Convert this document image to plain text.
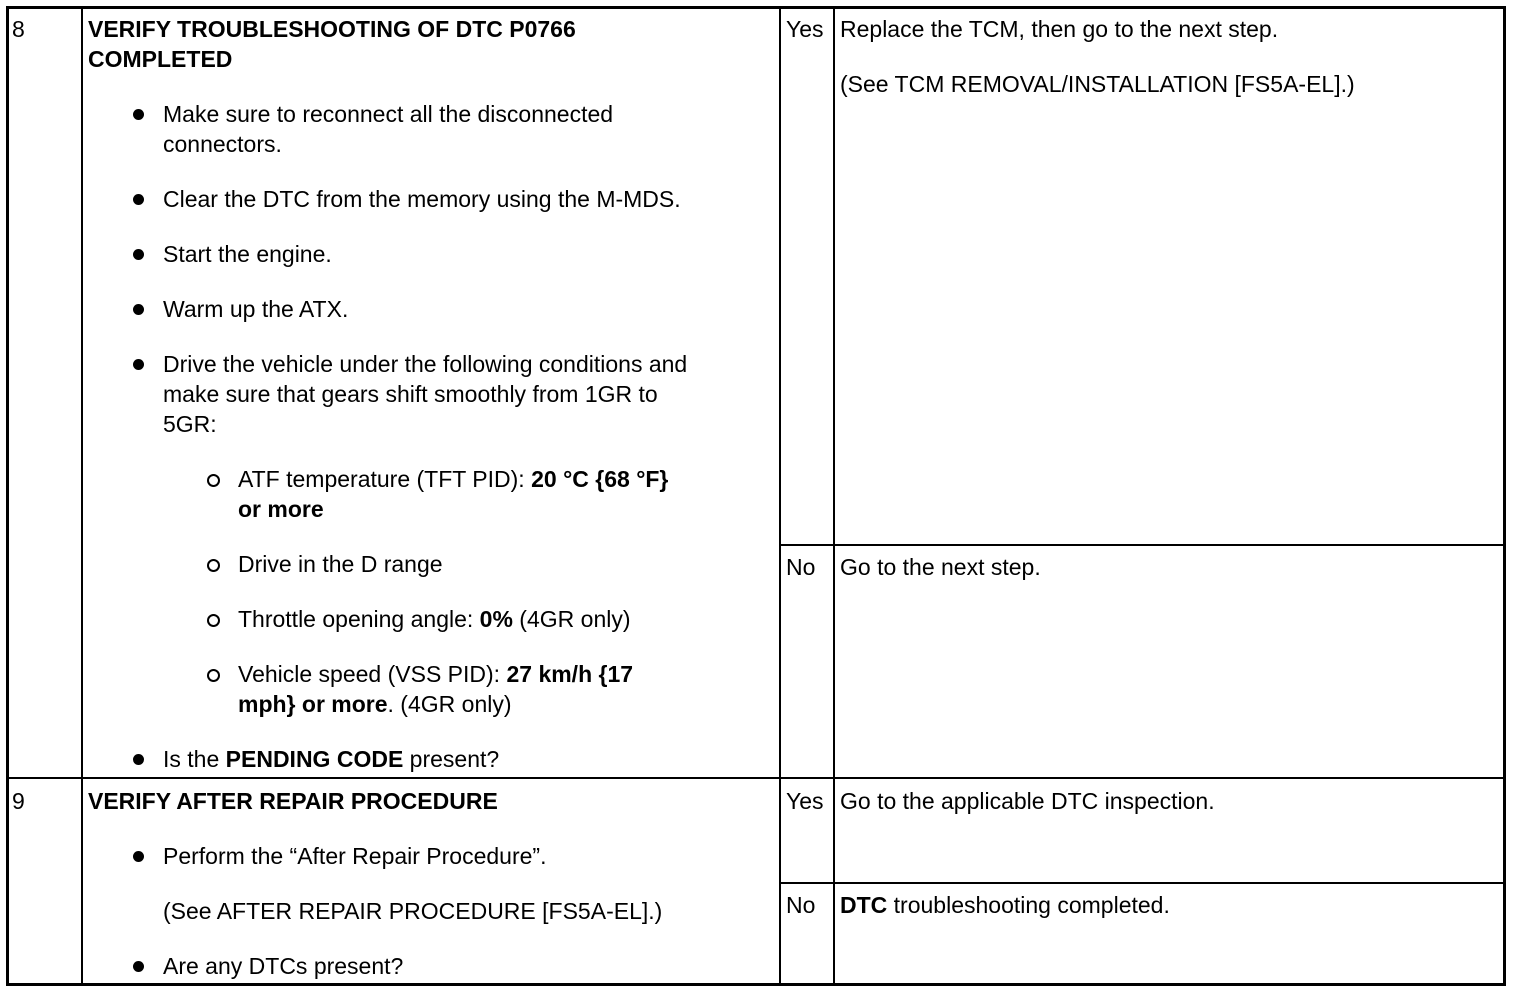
8	VERIFY TROUBLESHOOTING OF DTC P0766
COMPLETED
Make sure to reconnect all the disconnected
connectors.
Clear the DTC from the memory using the M-MDS.
Start the engine.
Warm up the ATX.
Drive the vehicle under the following conditions and
make sure that gears shift smoothly from 1GR to
5GR:
ATF temperature (TFT PID): 20 °C {68 °F}
or more
Drive in the D range
Throttle opening angle: 0% (4GR only)
Vehicle speed (VSS PID): 27 km/h {17
mph} or more. (4GR only)
Is the PENDING CODE present?
Yes Replace the TCM, then go to the next step.
(See TCM REMOVAL/INSTALLATION [FS5A-EL].)
No Go to the next step.
9	VERIFY AFTER REPAIR PROCEDURE
Perform the “After Repair Procedure”.
(See AFTER REPAIR PROCEDURE [FS5A-EL].)
Are any DTCs present?
Yes Go to the applicable DTC inspection.
No DTC troubleshooting completed.
